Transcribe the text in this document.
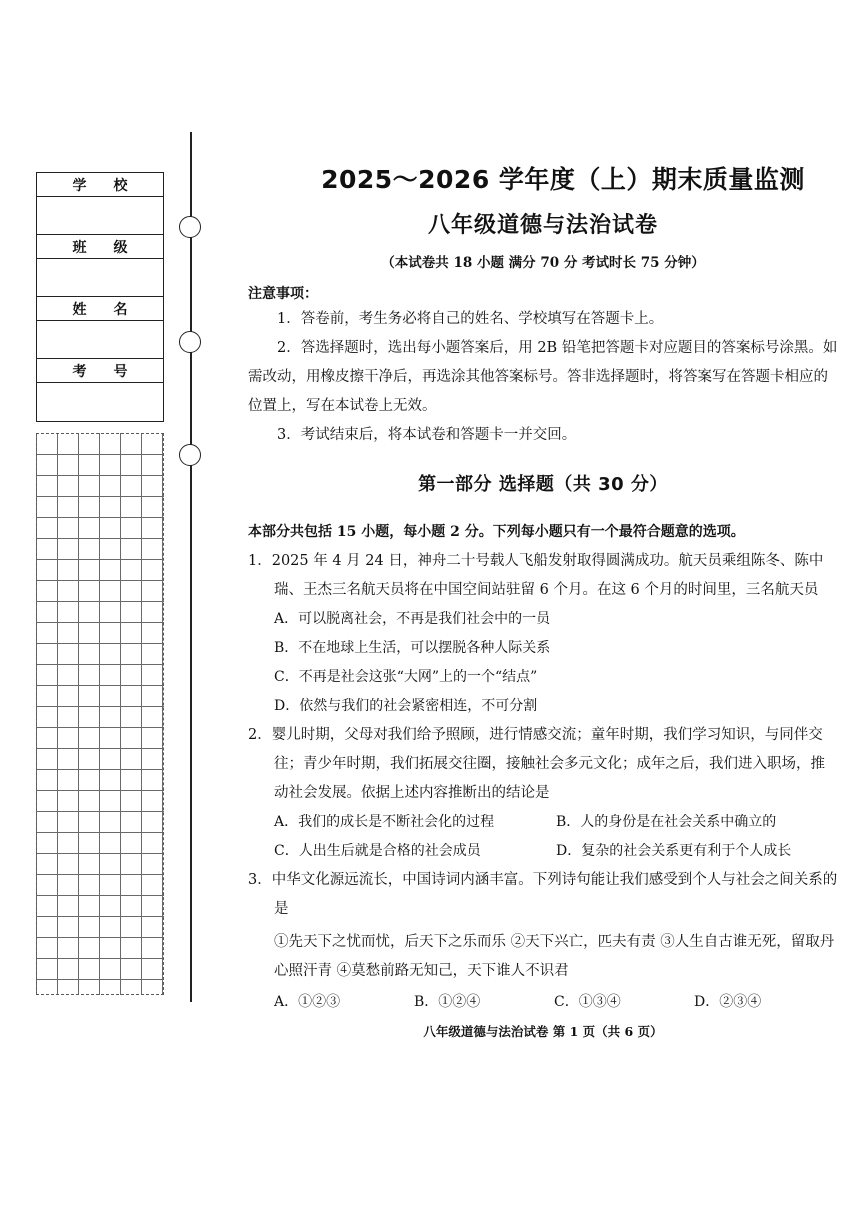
学 校
班 级
姓 名
考 号
2025～2026 学年度（上）期末质量监测
八年级道德与法治试卷

（本试卷共 18 小题 满分 70 分 考试时长 75 分钟）

注意事项：

1．答卷前，考生务必将自己的姓名、学校填写在答题卡上。

2．答选择题时，选出每小题答案后，用 2B 铅笔把答题卡对应题目的答案标号涂黑。如需改动，用橡皮擦干净后，再选涂其他答案标号。答非选择题时，将答案写在答题卡相应的位置上，写在本试卷上无效。

3．考试结束后，将本试卷和答题卡一并交回。

第一部分 选择题（共 30 分）

本部分共包括 15 小题，每小题 2 分。下列每小题只有一个最符合题意的选项。

1．2025 年 4 月 24 日，神舟二十号载人飞船发射取得圆满成功。航天员乘组陈冬、陈中瑞、王杰三名航天员将在中国空间站驻留 6 个月。在这 6 个月的时间里，三名航天员

A．可以脱离社会，不再是我们社会中的一员

B．不在地球上生活，可以摆脱各种人际关系

C．不再是社会这张“大网”上的一个“结点”

D．依然与我们的社会紧密相连，不可分割

2．婴儿时期，父母对我们给予照顾，进行情感交流；童年时期，我们学习知识，与同伴交往；青少年时期，我们拓展交往圈，接触社会多元文化；成年之后，我们进入职场，推动社会发展。依据上述内容推断出的结论是

A．我们的成长是不断社会化的过程	B．人的身份是在社会关系中确立的
C．人出生后就是合格的社会成员	D．复杂的社会关系更有利于个人成长

3．中华文化源远流长，中国诗词内涵丰富。下列诗句能让我们感受到个人与社会之间关系的是

①先天下之忧而忧，后天下之乐而乐 ②天下兴亡，匹夫有责 ③人生自古谁无死，留取丹心照汗青 ④莫愁前路无知己，天下谁人不识君

A．①②③	B．①②④	C．①③④	D．②③④
八年级道德与法治试卷 第 1 页（共 6 页）
